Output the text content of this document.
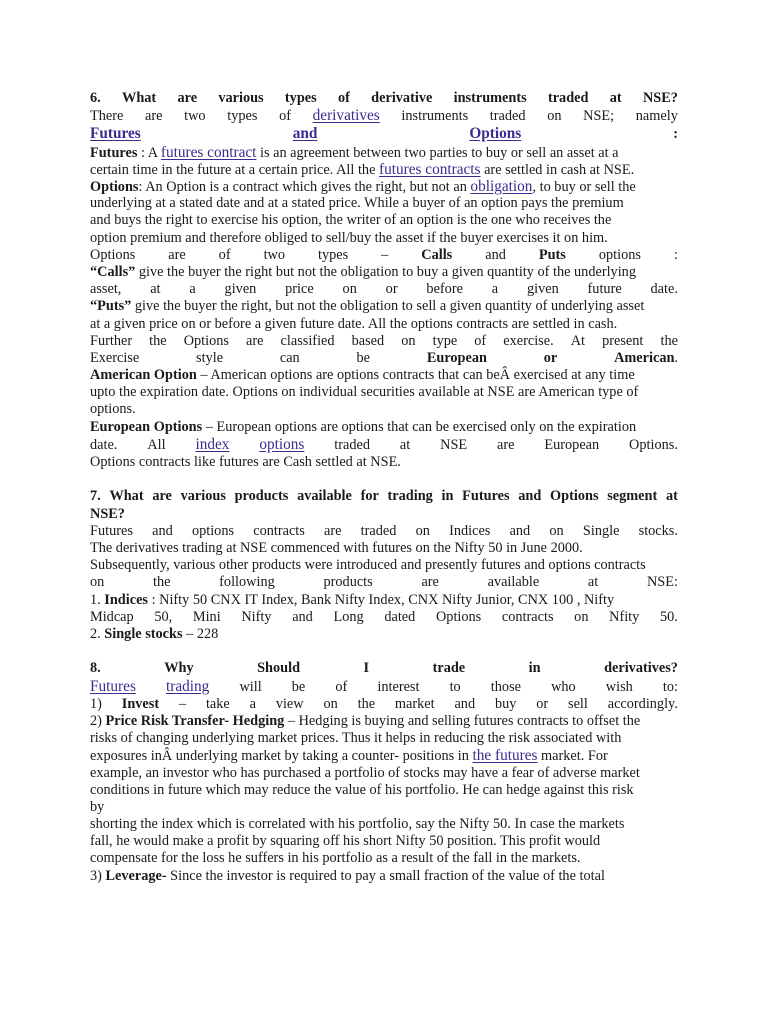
6. What are various types of derivative instruments traded at NSE?
There are two types of derivatives instruments traded on NSE; namely
Futures	and	Options	:
Futures : A futures contract is an agreement between two parties to buy or sell an asset at a
certain time in the future at a certain price. All the futures contracts are settled in cash at NSE.
Options: An Option is a contract which gives the right, but not an obligation, to buy or sell the
underlying at a stated date and at a stated price. While a buyer of an option pays the premium
and buys the right to exercise his option, the writer of an option is the one who receives the
option premium and therefore obliged to sell/buy the asset if the buyer exercises it on him.
Options are of two types – Calls and Puts options :
“Calls” give the buyer the right but not the obligation to buy a given quantity of the underlying
asset, at a given price on or before a given future date.
“Puts” give the buyer the right, but not the obligation to sell a given quantity of underlying asset
at a given price on or before a given future date. All the options contracts are settled in cash.
Further the Options are classified based on type of exercise. At present the
Exercise	style	can	be	European	or	American.
American Option – American options are options contracts that can beÂ exercised at any time
upto the expiration date. Options on individual securities available at NSE are American type of
options.
European Options – European options are options that can be exercised only on the expiration
date. All index options traded at NSE are European Options.
Options contracts like futures are Cash settled at NSE.
7. What are various products available for trading in Futures and Options segment at
NSE?
Futures and options contracts are traded on Indices and on Single stocks.
The derivatives trading at NSE commenced with futures on the Nifty 50 in June 2000.
Subsequently, various other products were introduced and presently futures and options contracts
on	the	following	products	are	available	at	NSE:
1. Indices : Nifty 50 CNX IT Index, Bank Nifty Index, CNX Nifty Junior, CNX 100 , Nifty
Midcap 50, Mini Nifty and Long dated Options contracts on Nfity 50.
2. Single stocks – 228
8.	Why	Should	I	trade	in	derivatives?
Futures trading will be of interest to those who wish to:
1) Invest – take a view on the market and buy or sell accordingly.
2) Price Risk Transfer- Hedging – Hedging is buying and selling futures contracts to offset the
risks of changing underlying market prices. Thus it helps in reducing the risk associated with
exposures inÂ underlying market by taking a counter- positions in the futures market. For
example, an investor who has purchased a portfolio of stocks may have a fear of adverse market
conditions in future which may reduce the value of his portfolio. He can hedge against this risk
by
shorting the index which is correlated with his portfolio, say the Nifty 50. In case the markets
fall, he would make a profit by squaring off his short Nifty 50 position. This profit would
compensate for the loss he suffers in his portfolio as a result of the fall in the markets.
3) Leverage- Since the investor is required to pay a small fraction of the value of the total
